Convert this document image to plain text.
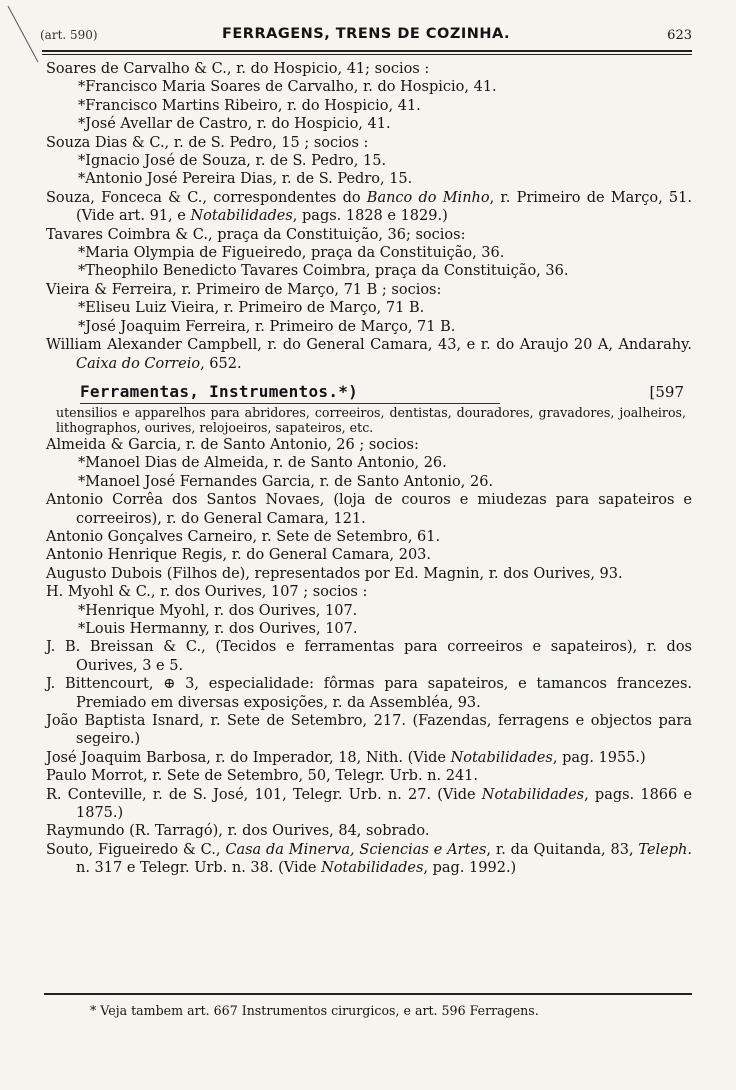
(art. 590)	FERRAGENS, TRENS DE COZINHA.	623
Soares de Carvalho & C., r. do Hospicio, 41; socios :
*Francisco Maria Soares de Carvalho, r. do Hospicio, 41.
*Francisco Martins Ribeiro, r. do Hospicio, 41.
*José Avellar de Castro, r. do Hospicio, 41.
Souza Dias & C., r. de S. Pedro, 15 ; socios :
*Ignacio José de Souza, r. de S. Pedro, 15.
*Antonio José Pereira Dias, r. de S. Pedro, 15.
Souza, Fonceca & C., correspondentes do Banco do Minho, r. Primeiro de Março, 51. (Vide art. 91, e Notabilidades, pags. 1828 e 1829.)
Tavares Coimbra & C., praça da Constituição, 36; socios:
*Maria Olympia de Figueiredo, praça da Constituição, 36.
*Theophilo Benedicto Tavares Coimbra, praça da Constituição, 36.
Vieira & Ferreira, r. Primeiro de Março, 71 B ; socios:
*Eliseu Luiz Vieira, r. Primeiro de Março, 71 B.
*José Joaquim Ferreira, r. Primeiro de Março, 71 B.
William Alexander Campbell, r. do General Camara, 43, e r. do Araujo 20 A, Andarahy. Caixa do Correio, 652.
Ferramentas, Instrumentos.*)	[597
utensilios e apparelhos para abridores, correeiros, dentistas, douradores, gravadores, joalheiros, lithographos, ourives, relojoeiros, sapateiros, etc.
Almeida & Garcia, r. de Santo Antonio, 26 ; socios:
*Manoel Dias de Almeida, r. de Santo Antonio, 26.
*Manoel José Fernandes Garcia, r. de Santo Antonio, 26.
Antonio Corrêa dos Santos Novaes, (loja de couros e miudezas para sapateiros e correeiros), r. do General Camara, 121.
Antonio Gonçalves Carneiro, r. Sete de Setembro, 61.
Antonio Henrique Regis, r. do General Camara, 203.
Augusto Dubois (Filhos de), representados por Ed. Magnin, r. dos Ourives, 93.
H. Myohl & C., r. dos Ourives, 107 ; socios :
*Henrique Myohl, r. dos Ourives, 107.
*Louis Hermanny, r. dos Ourives, 107.
J. B. Breissan & C., (Tecidos e ferramentas para correeiros e sapateiros), r. dos Ourives, 3 e 5.
J. Bittencourt, ⊕ 3, especialidade: fôrmas para sapateiros, e tamancos francezes. Premiado em diversas exposições, r. da Assembléa, 93.
João Baptista Isnard, r. Sete de Setembro, 217. (Fazendas, ferragens e objectos para segeiro.)
José Joaquim Barbosa, r. do Imperador, 18, Nith. (Vide Notabilidades, pag. 1955.)
Paulo Morrot, r. Sete de Setembro, 50, Telegr. Urb. n. 241.
R. Conteville, r. de S. José, 101, Telegr. Urb. n. 27. (Vide Notabilidades, pags. 1866 e 1875.)
Raymundo (R. Tarragó), r. dos Ourives, 84, sobrado.
Souto, Figueiredo & C., Casa da Minerva, Sciencias e Artes, r. da Quitanda, 83, Teleph. n. 317 e Telegr. Urb. n. 38. (Vide Notabilidades, pag. 1992.)
* Veja tambem art. 667 Instrumentos cirurgicos, e art. 596 Ferragens.
